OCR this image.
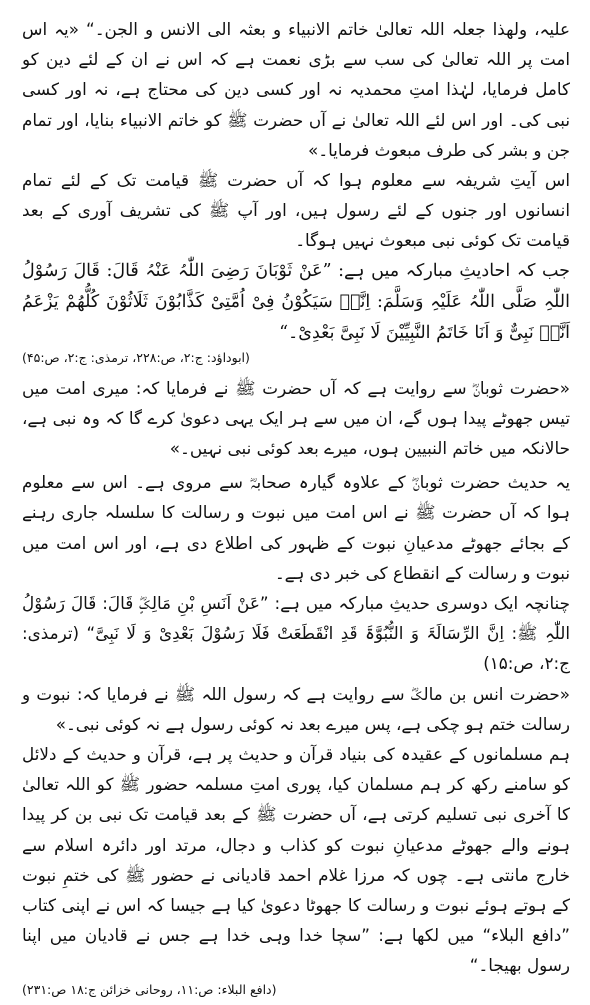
علیہ، ولھذا جعلہ اللہ تعالیٰ خاتم الانبیاء و بعثہ الی الانس و الجن۔“ «یہ اس امت پر اللہ تعالیٰ کی سب سے بڑی نعمت ہے کہ اس نے ان کے لئے دین کو کامل فرمایا، لہٰذا امتِ محمدیہ نہ اور کسی دین کی محتاج ہے، نہ اور کسی نبی کی۔ اور اس لئے اللہ تعالیٰ نے آں حضرت ﷺ کو خاتم الانبیاء بنایا، اور تمام جن و بشر کی طرف مبعوث فرمایا۔»

اس آیتِ شریفہ سے معلوم ہوا کہ آں حضرت ﷺ قیامت تک کے لئے تمام انسانوں اور جنوں کے لئے رسول ہیں، اور آپ ﷺ کی تشریف آوری کے بعد قیامت تک کوئی نبی مبعوث نہیں ہوگا۔

جب کہ احادیثِ مبارکہ میں ہے: ”عَنْ ثَوْبَانَ رَضِیَ اللّٰہُ عَنْہُ قَالَ: قَالَ رَسُوْلُ اللّٰہِ صَلَّی اللّٰہُ عَلَیْہِ وَسَلَّمَ: اِنَّہٗ سَیَکُوْنُ فِیْ اُمَّتِیْ کَذَّابُوْنَ ثَلَاثُوْنَ کُلُّھُمْ یَزْعَمُ اَنَّہٗ نَبِیٌّ وَ اَنَا خَاتَمُ النَّبِیِّیْنَ لَا نَبِیَّ بَعْدِیْ۔“

(ابوداؤد: ج:۲، ص:۲۲۸، ترمذی: ج:۲، ص:۴۵)

«حضرت ثوبانؓ سے روایت ہے کہ آں حضرت ﷺ نے فرمایا کہ: میری امت میں تیس جھوٹے پیدا ہوں گے، ان میں سے ہر ایک یہی دعویٰ کرے گا کہ وہ نبی ہے، حالانکہ میں خاتم النبیین ہوں، میرے بعد کوئی نبی نہیں۔»

یہ حدیث حضرت ثوبانؓ کے علاوہ گیارہ صحابہؓ سے مروی ہے۔ اس سے معلوم ہوا کہ آں حضرت ﷺ نے اس امت میں نبوت و رسالت کا سلسلہ جاری رہنے کے بجائے جھوٹے مدعیانِ نبوت کے ظہور کی اطلاع دی ہے، اور اس امت میں نبوت و رسالت کے انقطاع کی خبر دی ہے۔

چنانچہ ایک دوسری حدیثِ مبارکہ میں ہے: ”عَنْ اَنَسِ بْنِ مَالِکٍؓ قَالَ: قَالَ رَسُوْلُ اللّٰہِ ﷺ: اِنَّ الرِّسَالَۃَ وَ النُّبُوَّۃَ قَدِ انْقَطَعَتْ فَلَا رَسُوْلَ بَعْدِیْ وَ لَا نَبِیَّ“ (ترمذی: ج:۲، ص:۱۵)

«حضرت انس بن مالکؓ سے روایت ہے کہ رسول اللہ ﷺ نے فرمایا کہ: نبوت و رسالت ختم ہو چکی ہے، پس میرے بعد نہ کوئی رسول ہے نہ کوئی نبی۔»

ہم مسلمانوں کے عقیدہ کی بنیاد قرآن و حدیث پر ہے، قرآن و حدیث کے دلائل کو سامنے رکھ کر ہم مسلمان کیا، پوری امتِ مسلمہ حضور ﷺ کو اللہ تعالیٰ کا آخری نبی تسلیم کرتی ہے، آں حضرت ﷺ کے بعد قیامت تک نبی بن کر پیدا ہونے والے جھوٹے مدعیانِ نبوت کو کذاب و دجال، مرتد اور دائرہ اسلام سے خارج مانتی ہے۔ چوں کہ مرزا غلام احمد قادیانی نے حضور ﷺ کی ختمِ نبوت کے ہوتے ہوئے نبوت و رسالت کا جھوٹا دعویٰ کیا ہے جیسا کہ اس نے اپنی کتاب ”دافع البلاء“ میں لکھا ہے: ”سچا خدا وہی خدا ہے جس نے قادیان میں اپنا رسول بھیجا۔“

(دافع البلاء: ص:۱۱، روحانی خزائن ج:۱۸ ص:۲۳۱)
